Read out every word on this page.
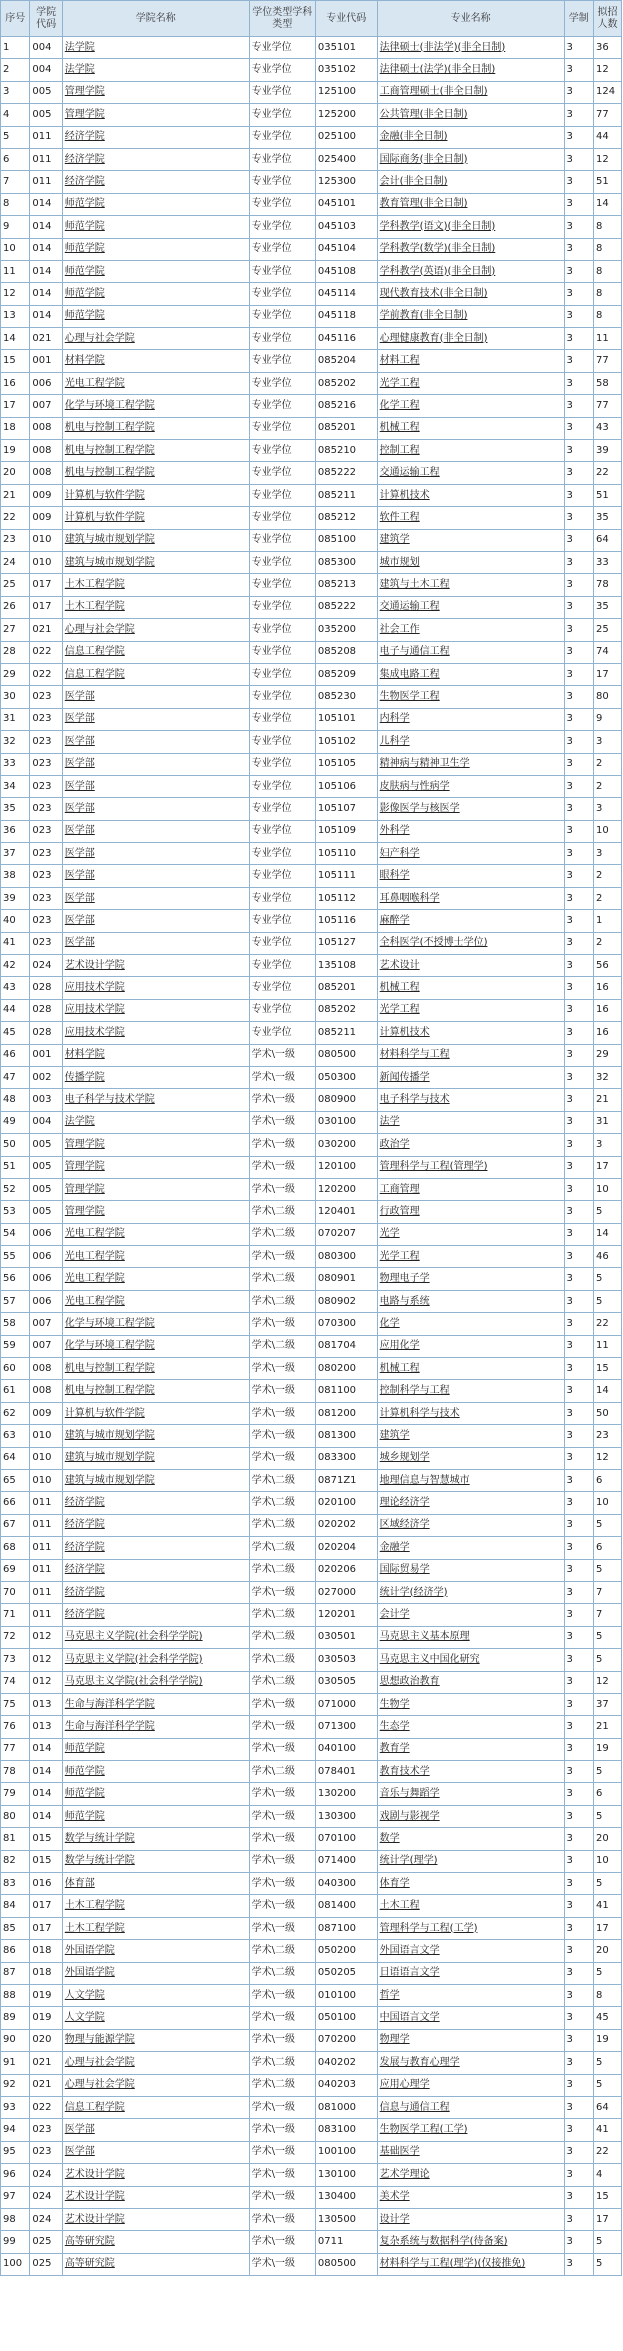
序号	学院代码	学院名称	学位类型学科类型	专业代码	专业名称	学制	拟招人数
1	004	法学院	专业学位	035101	法律硕士(非法学)(非全日制)	3	36
2	004	法学院	专业学位	035102	法律硕士(法学)(非全日制)	3	12
3	005	管理学院	专业学位	125100	工商管理硕士(非全日制)	3	124
4	005	管理学院	专业学位	125200	公共管理(非全日制)	3	77
5	011	经济学院	专业学位	025100	金融(非全日制)	3	44
6	011	经济学院	专业学位	025400	国际商务(非全日制)	3	12
7	011	经济学院	专业学位	125300	会计(非全日制)	3	51
8	014	师范学院	专业学位	045101	教育管理(非全日制)	3	14
9	014	师范学院	专业学位	045103	学科教学(语文)(非全日制)	3	8
10	014	师范学院	专业学位	045104	学科教学(数学)(非全日制)	3	8
11	014	师范学院	专业学位	045108	学科教学(英语)(非全日制)	3	8
12	014	师范学院	专业学位	045114	现代教育技术(非全日制)	3	8
13	014	师范学院	专业学位	045118	学前教育(非全日制)	3	8
14	021	心理与社会学院	专业学位	045116	心理健康教育(非全日制)	3	11
15	001	材料学院	专业学位	085204	材料工程	3	77
16	006	光电工程学院	专业学位	085202	光学工程	3	58
17	007	化学与环境工程学院	专业学位	085216	化学工程	3	77
18	008	机电与控制工程学院	专业学位	085201	机械工程	3	43
19	008	机电与控制工程学院	专业学位	085210	控制工程	3	39
20	008	机电与控制工程学院	专业学位	085222	交通运输工程	3	22
21	009	计算机与软件学院	专业学位	085211	计算机技术	3	51
22	009	计算机与软件学院	专业学位	085212	软件工程	3	35
23	010	建筑与城市规划学院	专业学位	085100	建筑学	3	64
24	010	建筑与城市规划学院	专业学位	085300	城市规划	3	33
25	017	土木工程学院	专业学位	085213	建筑与土木工程	3	78
26	017	土木工程学院	专业学位	085222	交通运输工程	3	35
27	021	心理与社会学院	专业学位	035200	社会工作	3	25
28	022	信息工程学院	专业学位	085208	电子与通信工程	3	74
29	022	信息工程学院	专业学位	085209	集成电路工程	3	17
30	023	医学部	专业学位	085230	生物医学工程	3	80
31	023	医学部	专业学位	105101	内科学	3	9
32	023	医学部	专业学位	105102	儿科学	3	3
33	023	医学部	专业学位	105105	精神病与精神卫生学	3	2
34	023	医学部	专业学位	105106	皮肤病与性病学	3	2
35	023	医学部	专业学位	105107	影像医学与核医学	3	3
36	023	医学部	专业学位	105109	外科学	3	10
37	023	医学部	专业学位	105110	妇产科学	3	3
38	023	医学部	专业学位	105111	眼科学	3	2
39	023	医学部	专业学位	105112	耳鼻咽喉科学	3	2
40	023	医学部	专业学位	105116	麻醉学	3	1
41	023	医学部	专业学位	105127	全科医学(不授博士学位)	3	2
42	024	艺术设计学院	专业学位	135108	艺术设计	3	56
43	028	应用技术学院	专业学位	085201	机械工程	3	16
44	028	应用技术学院	专业学位	085202	光学工程	3	16
45	028	应用技术学院	专业学位	085211	计算机技术	3	16
46	001	材料学院	学术\一级	080500	材料科学与工程	3	29
47	002	传播学院	学术\一级	050300	新闻传播学	3	32
48	003	电子科学与技术学院	学术\一级	080900	电子科学与技术	3	21
49	004	法学院	学术\一级	030100	法学	3	31
50	005	管理学院	学术\一级	030200	政治学	3	3
51	005	管理学院	学术\一级	120100	管理科学与工程(管理学)	3	17
52	005	管理学院	学术\一级	120200	工商管理	3	10
53	005	管理学院	学术\二级	120401	行政管理	3	5
54	006	光电工程学院	学术\二级	070207	光学	3	14
55	006	光电工程学院	学术\一级	080300	光学工程	3	46
56	006	光电工程学院	学术\二级	080901	物理电子学	3	5
57	006	光电工程学院	学术\二级	080902	电路与系统	3	5
58	007	化学与环境工程学院	学术\一级	070300	化学	3	22
59	007	化学与环境工程学院	学术\二级	081704	应用化学	3	11
60	008	机电与控制工程学院	学术\一级	080200	机械工程	3	15
61	008	机电与控制工程学院	学术\一级	081100	控制科学与工程	3	14
62	009	计算机与软件学院	学术\一级	081200	计算机科学与技术	3	50
63	010	建筑与城市规划学院	学术\一级	081300	建筑学	3	23
64	010	建筑与城市规划学院	学术\一级	083300	城乡规划学	3	12
65	010	建筑与城市规划学院	学术\二级	0871Z1	地理信息与智慧城市	3	6
66	011	经济学院	学术\二级	020100	理论经济学	3	10
67	011	经济学院	学术\二级	020202	区域经济学	3	5
68	011	经济学院	学术\二级	020204	金融学	3	6
69	011	经济学院	学术\二级	020206	国际贸易学	3	5
70	011	经济学院	学术\一级	027000	统计学(经济学)	3	7
71	011	经济学院	学术\二级	120201	会计学	3	7
72	012	马克思主义学院(社会科学学院)	学术\二级	030501	马克思主义基本原理	3	5
73	012	马克思主义学院(社会科学学院)	学术\二级	030503	马克思主义中国化研究	3	5
74	012	马克思主义学院(社会科学学院)	学术\二级	030505	思想政治教育	3	12
75	013	生命与海洋科学学院	学术\一级	071000	生物学	3	37
76	013	生命与海洋科学学院	学术\一级	071300	生态学	3	21
77	014	师范学院	学术\一级	040100	教育学	3	19
78	014	师范学院	学术\二级	078401	教育技术学	3	5
79	014	师范学院	学术\一级	130200	音乐与舞蹈学	3	6
80	014	师范学院	学术\一级	130300	戏剧与影视学	3	5
81	015	数学与统计学院	学术\一级	070100	数学	3	20
82	015	数学与统计学院	学术\一级	071400	统计学(理学)	3	10
83	016	体育部	学术\一级	040300	体育学	3	5
84	017	土木工程学院	学术\一级	081400	土木工程	3	41
85	017	土木工程学院	学术\一级	087100	管理科学与工程(工学)	3	17
86	018	外国语学院	学术\二级	050200	外国语言文学	3	20
87	018	外国语学院	学术\二级	050205	日语语言文学	3	5
88	019	人文学院	学术\一级	010100	哲学	3	8
89	019	人文学院	学术\一级	050100	中国语言文学	3	45
90	020	物理与能源学院	学术\一级	070200	物理学	3	19
91	021	心理与社会学院	学术\二级	040202	发展与教育心理学	3	5
92	021	心理与社会学院	学术\二级	040203	应用心理学	3	5
93	022	信息工程学院	学术\一级	081000	信息与通信工程	3	64
94	023	医学部	学术\一级	083100	生物医学工程(工学)	3	41
95	023	医学部	学术\一级	100100	基础医学	3	22
96	024	艺术设计学院	学术\一级	130100	艺术学理论	3	4
97	024	艺术设计学院	学术\一级	130400	美术学	3	15
98	024	艺术设计学院	学术\一级	130500	设计学	3	17
99	025	高等研究院	学术\一级	0711	复杂系统与数据科学(待备案)	3	5
100	025	高等研究院	学术\一级	080500	材料科学与工程(理学)(仅接推免)	3	5
